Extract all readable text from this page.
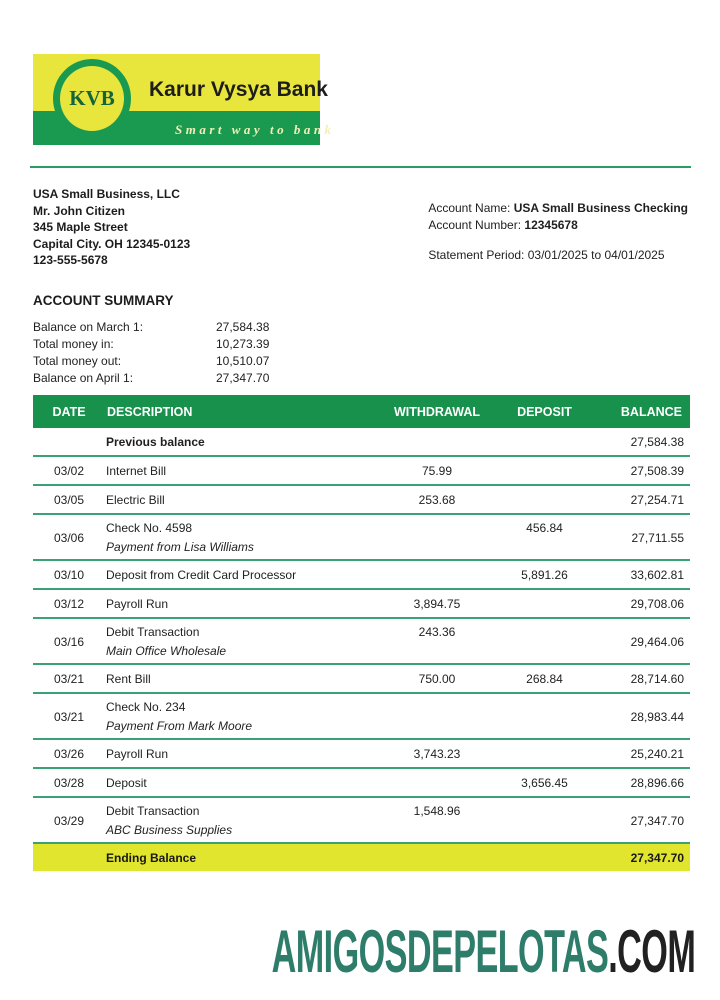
KVB Karur Vysya Bank
Smart way to bank
USA Small Business, LLC
Mr. John Citizen
345 Maple Street
Capital City. OH 12345-0123
123-555-5678
Account Name: USA Small Business Checking
Account Number: 12345678
Statement Period: 03/01/2025 to 04/01/2025
ACCOUNT SUMMARY
Balance on March 1:	27,584.38
Total money in:	10,273.39
Total money out:	10,510.07
Balance on April 1:	27,347.70
DATE	DESCRIPTION	WITHDRAWAL	DEPOSIT	BALANCE

	Previous balance			27,584.38
03/02	Internet Bill	75.99		27,508.39
03/05	Electric Bill	253.68		27,254.71
03/06	Check No. 4598
Payment from Lisa Williams		456.84	27,711.55
03/10	Deposit from Credit Card Processor		5,891.26	33,602.81
03/12	Payroll Run	3,894.75		29,708.06
03/16	Debit Transaction
Main Office Wholesale	243.36		29,464.06
03/21	Rent Bill	750.00	268.84	28,714.60
03/21	Check No. 234
Payment From Mark Moore			28,983.44
03/26	Payroll Run	3,743.23		25,240.21
03/28	Deposit		3,656.45	28,896.66
03/29	Debit Transaction
ABC Business Supplies	1,548.96		27,347.70

	Ending Balance			27,347.70
AMIGOSDEPELOTAS.COM
